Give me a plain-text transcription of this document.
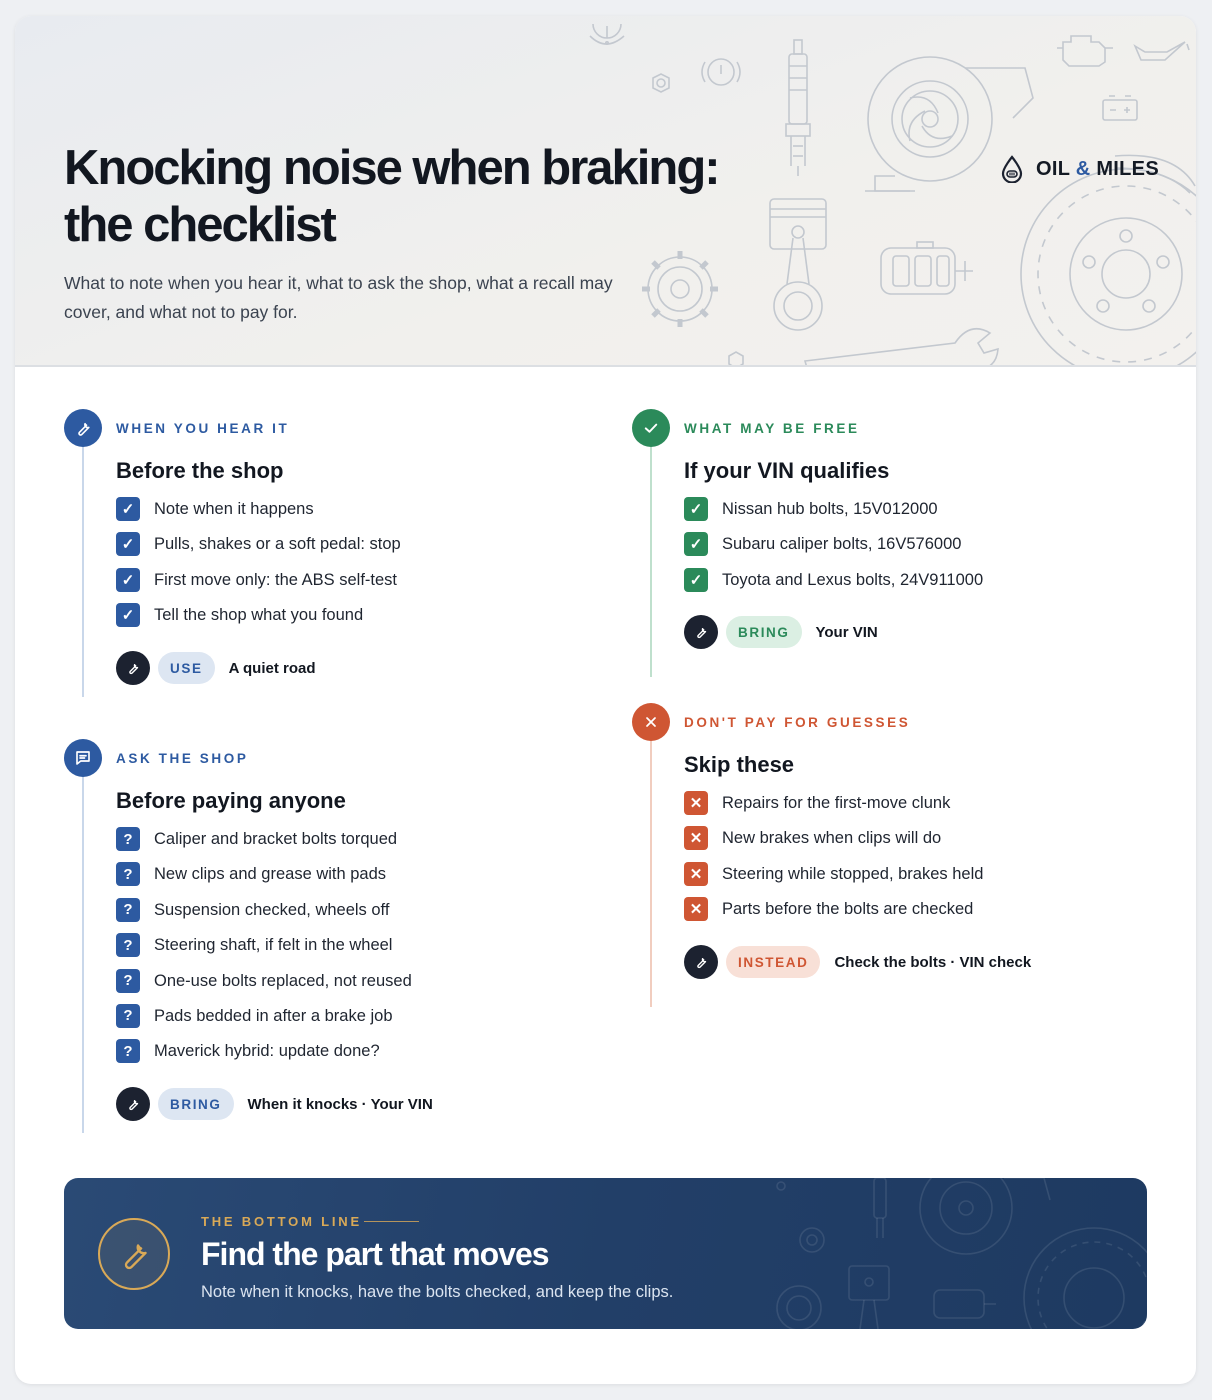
Knocking noise when braking:
the checklist

What to note when you hear it, what to ask the shop, what a recall may cover, and what not to pay for.

OIL & MILES
WHEN YOU HEAR IT
Before the shop
✓	Note when it happens
✓	Pulls, shakes or a soft pedal: stop
✓	First move only: the ABS self-test
✓	Tell the shop what you found
USE	A quiet road
ASK THE SHOP
Before paying anyone
?	Caliper and bracket bolts torqued
?	New clips and grease with pads
?	Suspension checked, wheels off
?	Steering shaft, if felt in the wheel
?	One-use bolts replaced, not reused
?	Pads bedded in after a brake job
?	Maverick hybrid: update done?
BRING	When it knocks · Your VIN
WHAT MAY BE FREE
If your VIN qualifies
✓	Nissan hub bolts, 15V012000
✓	Subaru caliper bolts, 16V576000
✓	Toyota and Lexus bolts, 24V911000
BRING	Your VIN
DON'T PAY FOR GUESSES
Skip these
✕	Repairs for the first-move clunk
✕	New brakes when clips will do
✕	Steering while stopped, brakes held
✕	Parts before the bolts are checked
INSTEAD	Check the bolts · VIN check
THE BOTTOM LINE
Find the part that moves

Note when it knocks, have the bolts checked, and keep the clips.
